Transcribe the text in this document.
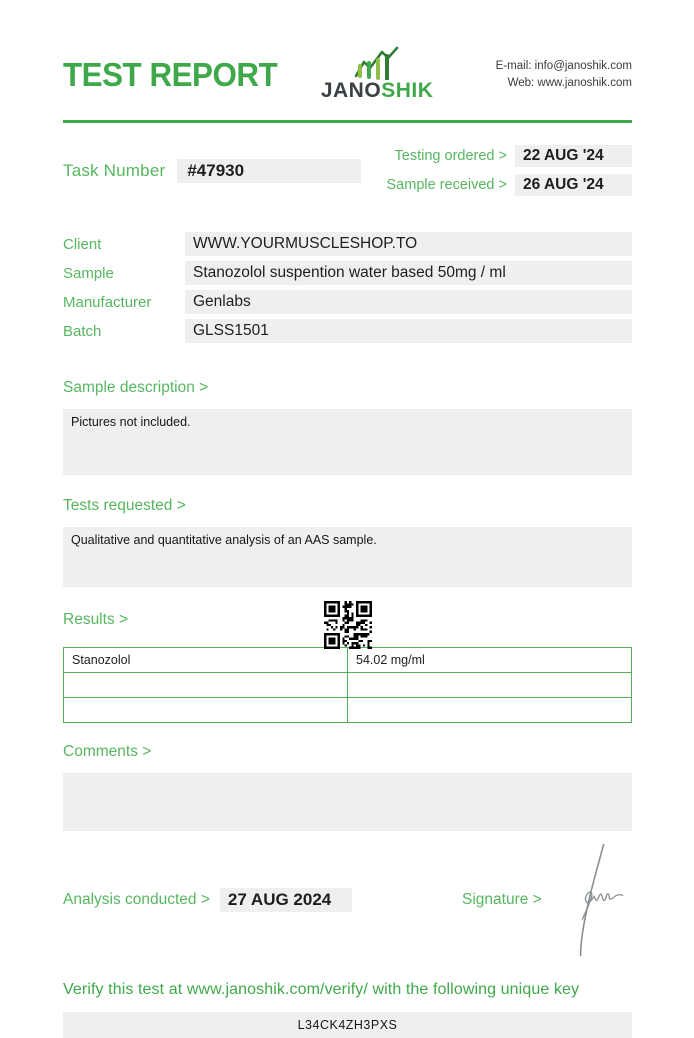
TEST REPORT JANOSHIK
E-mail: info@janoshik.com
Web: www.janoshik.com
Task Number	#47930
Testing ordered >	22 AUG '24
Sample received >	26 AUG '24
Client	WWW.YOURMUSCLESHOP.TO
Sample	Stanozolol suspention water based 50mg / ml
Manufacturer	Genlabs
Batch	GLSS1501
Sample description >
Pictures not included.
Tests requested >
Qualitative and quantitative analysis of an AAS sample.
Results >
Stanozolol	54.02 mg/ml

Comments >
Analysis conducted >	27 AUG 2024	Signature >
Verify this test at www.janoshik.com/verify/ with the following unique key
L34CK4ZH3PXS
